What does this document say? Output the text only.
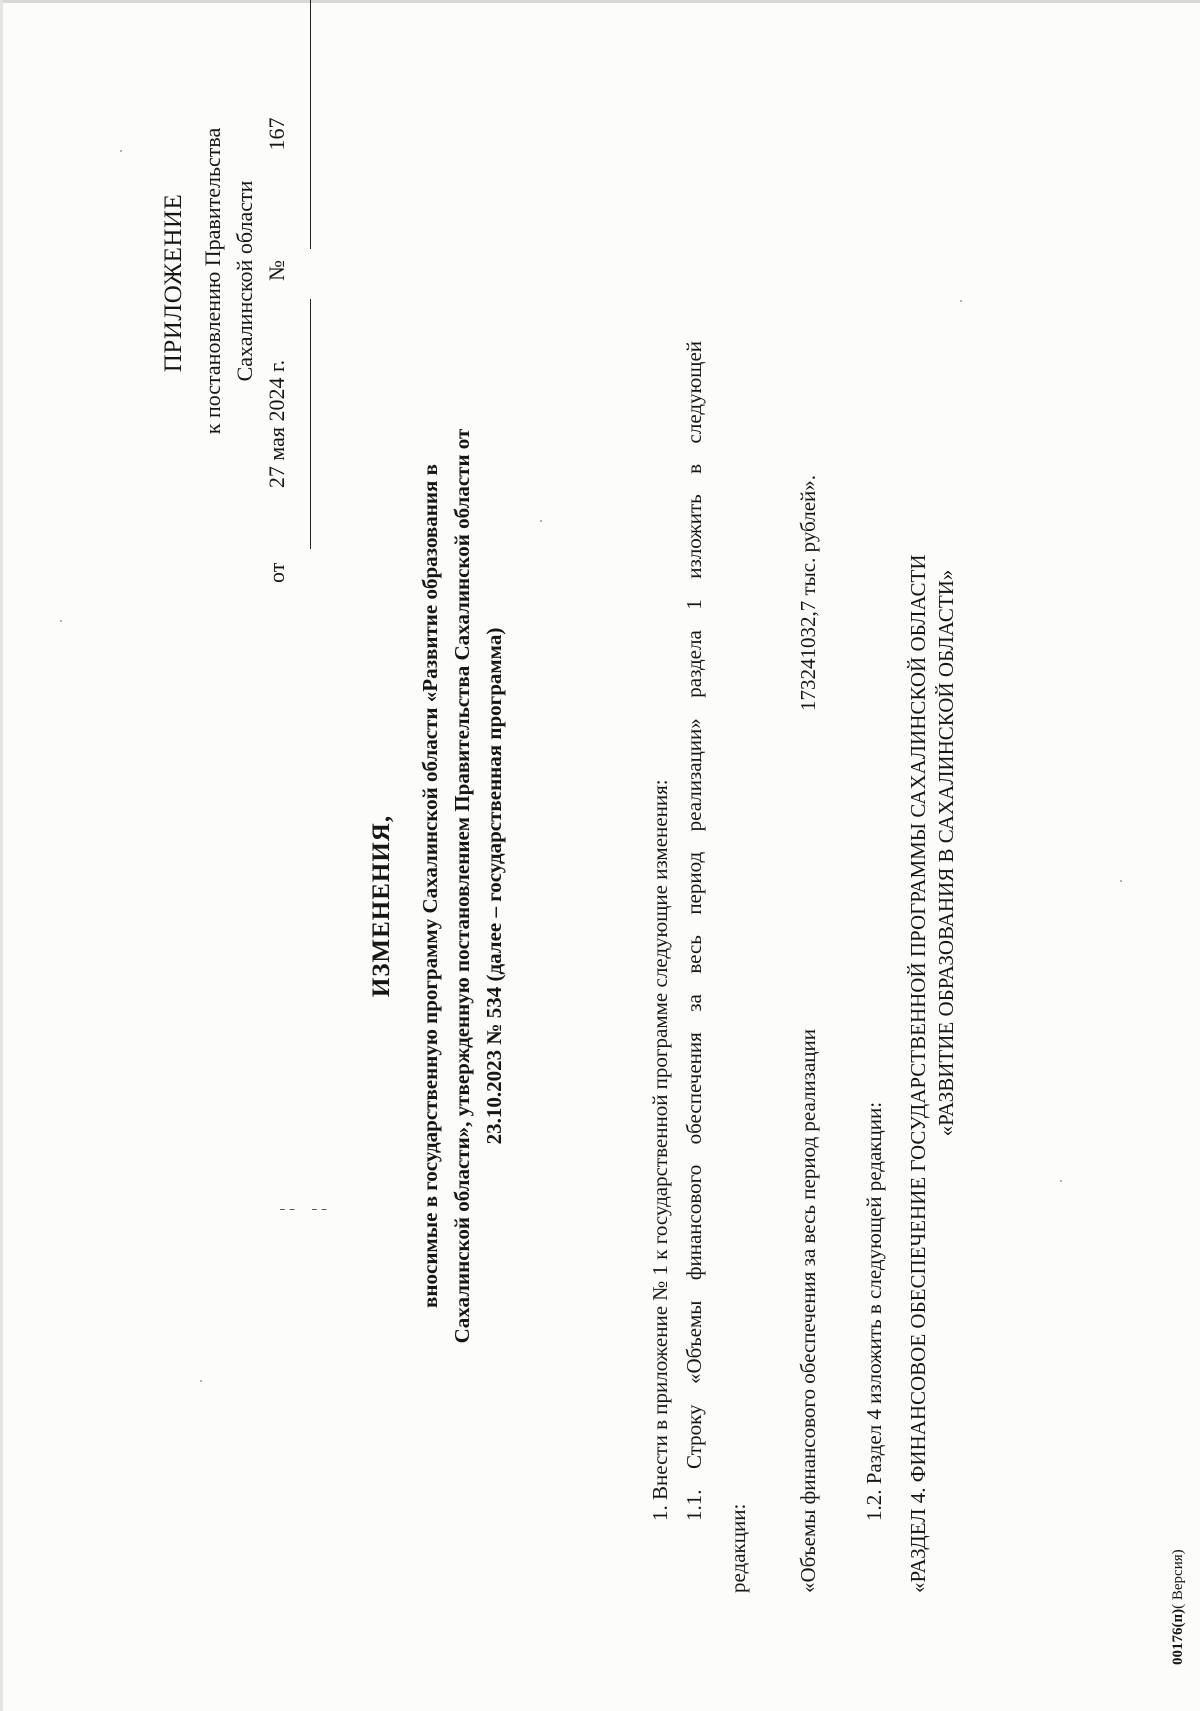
ПРИЛОЖЕНИЕ к постановлению Правительства Сахалинской области
от
27 мая 2024 г.
№
167
ИЗМЕНЕНИЯ, вносимые в государственную программу Сахалинской области «Развитие образования в Сахалинской области», утвержденную постановлением Правительства Сахалинской области от 23.10.2023 № 534 (далее – государственная программа)	1. Внести в приложение № 1 к государственной программе следующие изменения: 1.1. Строку «Объемы финансового обеспечения за весь период реализации» раздела 1 изложить в следующей
редакции: «Объемы финансового обеспечения за весь период реализации
173241032,7 тыс. рублей».
1.2. Раздел 4 изложить в следующей редакции: «РАЗДЕЛ 4. ФИНАНСОВОЕ ОБЕСПЕЧЕНИЕ ГОСУДАРСТВЕННОЙ ПРОГРАММЫ САХАЛИНСКОЙ ОБЛАСТИ «РАЗВИТИЕ ОБРАЗОВАНИЯ В САХАЛИНСКОЙ ОБЛАСТИ»
¦
¦
00176(п)( Версия)
